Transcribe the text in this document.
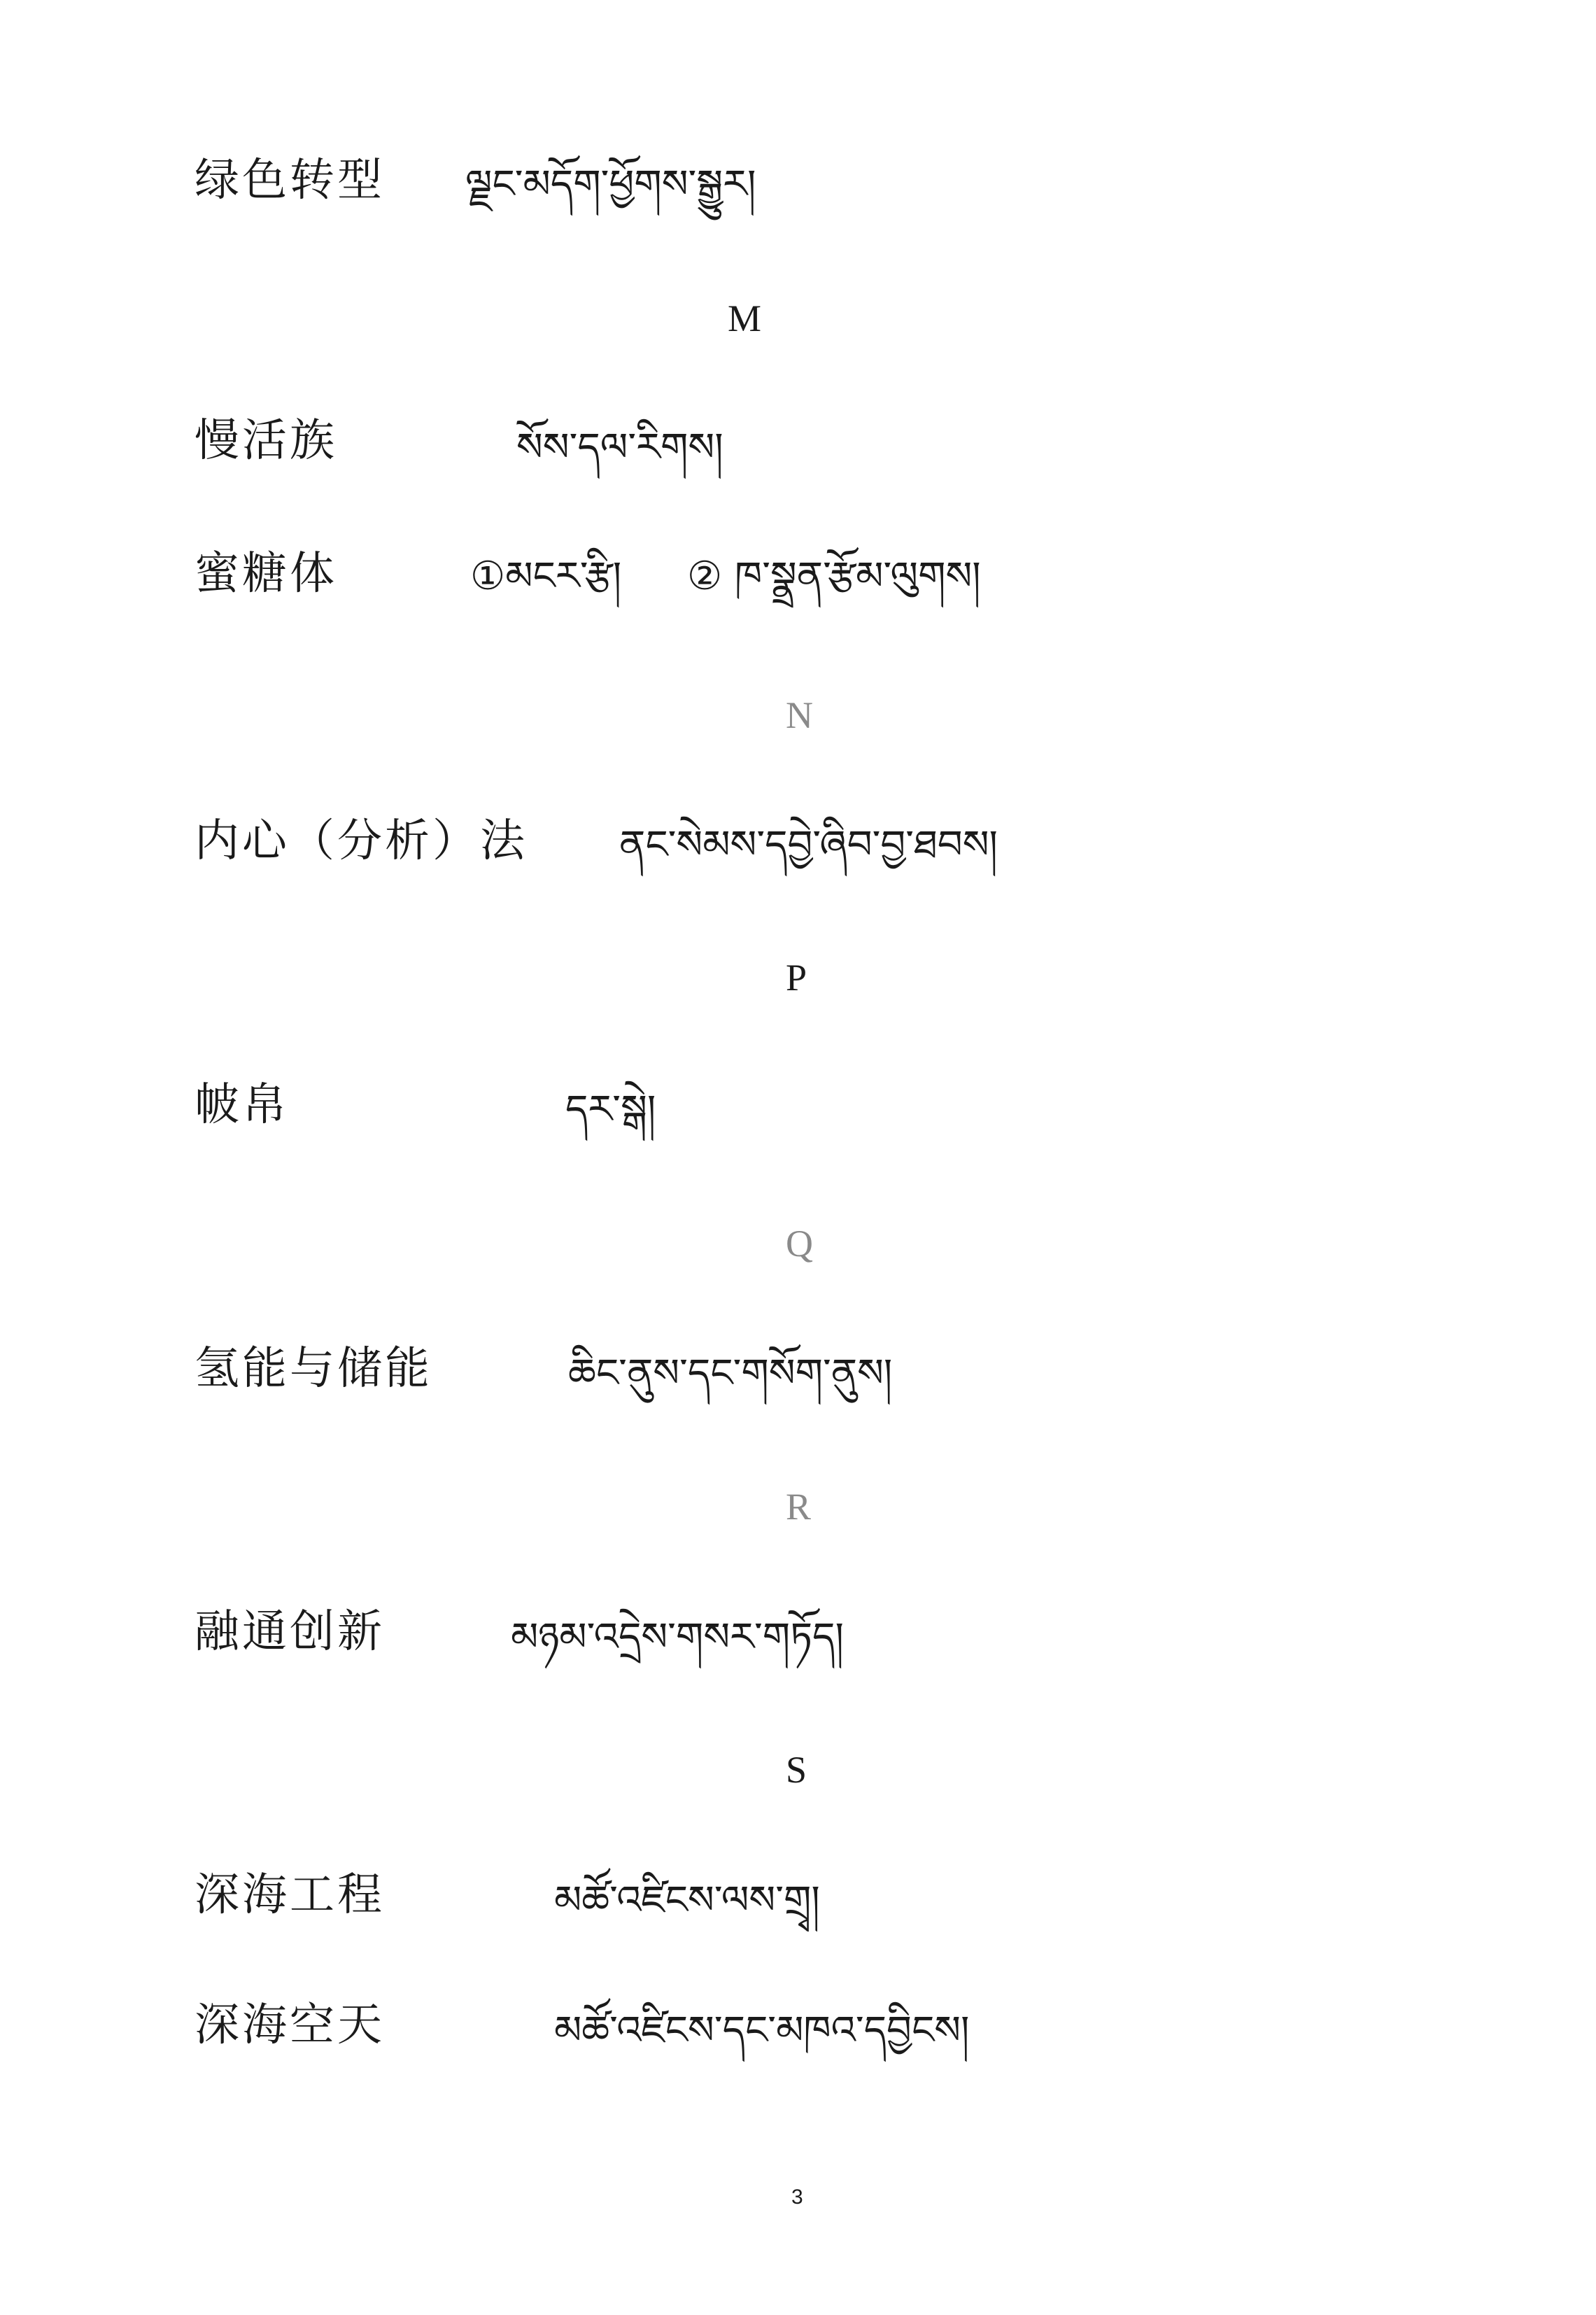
绿色转型 ལྗང་མདོག་ཕྱོགས་སྒྱུར།
M
慢活族	སོས་དལ་རིགས།
蜜糖体	①མངར་རྩི། ② ཁ་སྣྲན་རྩོམ་ལུགས།
N
内心（分析）法 ནང་སེམས་དབྱེ་ཞིབ་བྱ་ཐབས།
P
帔帛	དར་སྒེ།
Q
氢能与储能	ཆིང་ནུས་དང་གསོག་ནུས།
R
融通创新	མཉམ་འདྲེས་གསར་གཏོད།
S
深海工程	མཚོ་འཛིངས་ལས་གྲྭ།
深海空天	མཚོ་འཛིངས་དང་མཁའ་དབྱིངས།
3
